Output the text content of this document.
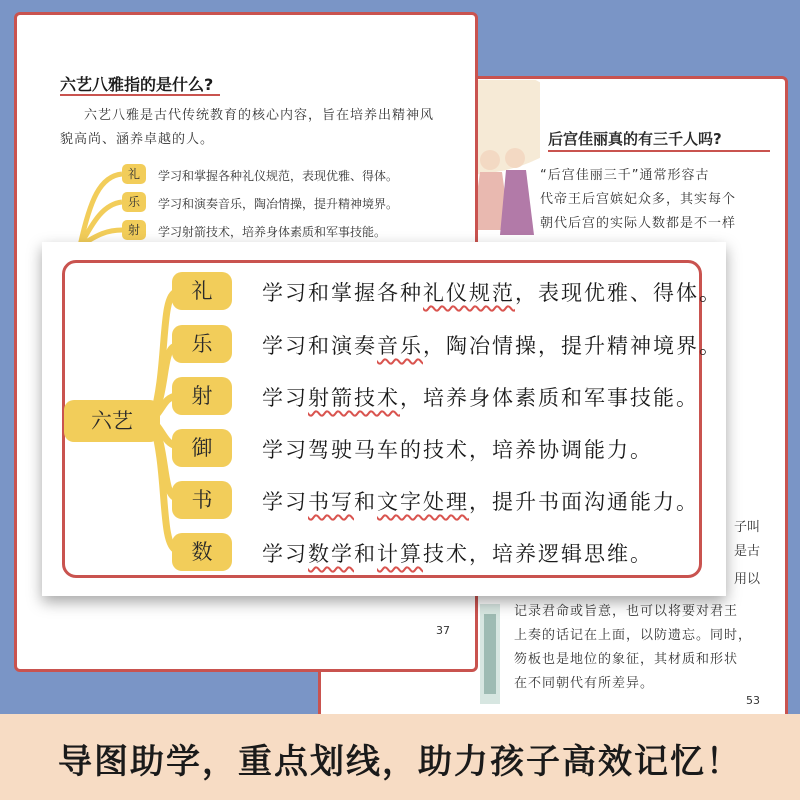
后宫佳丽真的有三千人吗?
“后宫佳丽三千”通常形容古
代帝王后宫嫔妃众多，其实每个
朝代后宫的实际人数都是不一样
子叫
是古
用以
记录君命或旨意，也可以将要对君王
上奏的话记在上面，以防遗忘。同时，
笏板也是地位的象征，其材质和形状
在不同朝代有所差异。
53
六艺八雅指的是什么?
六艺八雅是古代传统教育的核心内容，旨在培养出精神风
貌高尚、涵养卓越的人。
礼	学习和掌握各种礼仪规范，表现优雅、得体。
乐	学习和演奏音乐，陶冶情操，提升精神境界。
射	学习射箭技术，培养身体素质和军事技能。
37
六艺
礼	学习和掌握各种礼仪规范，表现优雅、得体。
乐	学习和演奏音乐，陶冶情操，提升精神境界。
射	学习射箭技术，培养身体素质和军事技能。
御	学习驾驶马车的技术，培养协调能力。
书	学习书写和文字处理，提升书面沟通能力。
数	学习数学和计算技术，培养逻辑思维。
导图助学，重点划线，助力孩子高效记忆！
